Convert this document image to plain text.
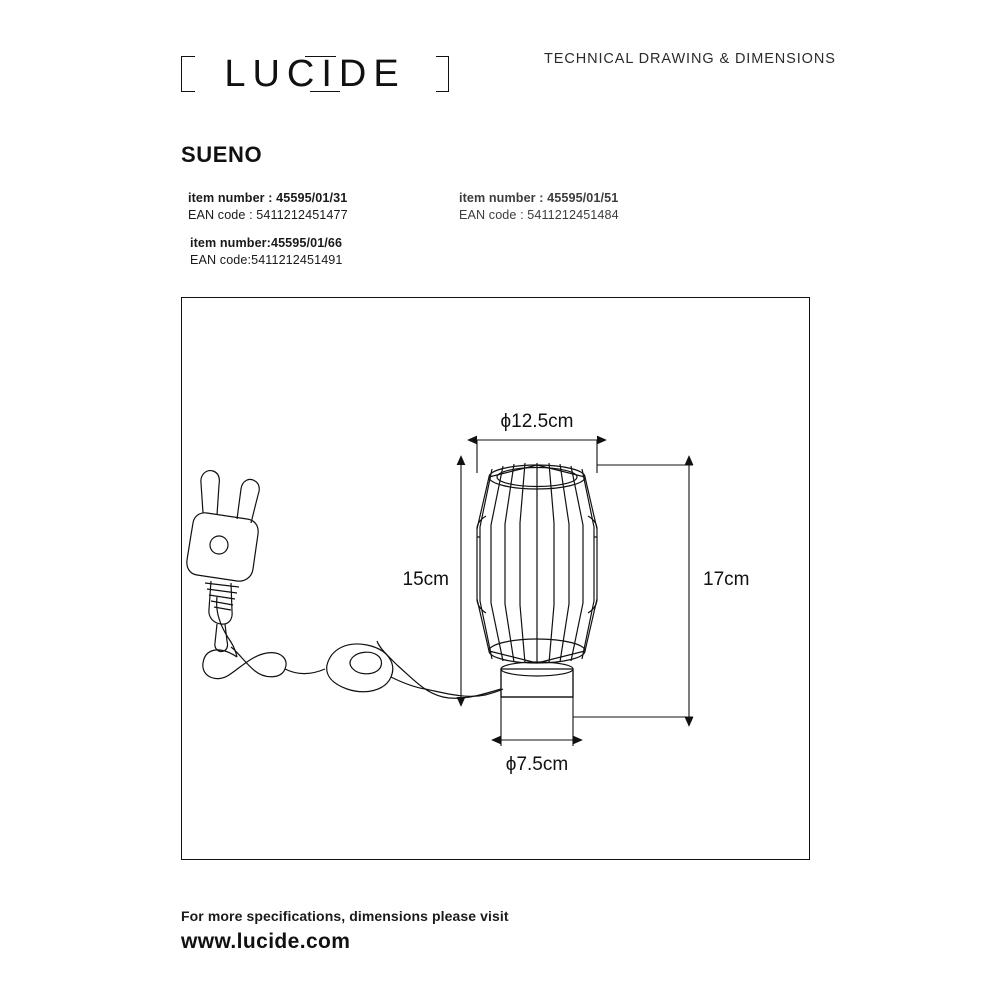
LUCIDE	TECHNICAL DRAWING & DIMENSIONS
SUENO
item number : 45595/01/31
EAN code : 5411212451477
item number : 45595/01/51
EAN code : 5411212451484
item number:45595/01/66
EAN code:5411212451491
ϕ12.5cm
15cm	17cm
ϕ7.5cm
For more specifications, dimensions please visit
www.lucide.com
